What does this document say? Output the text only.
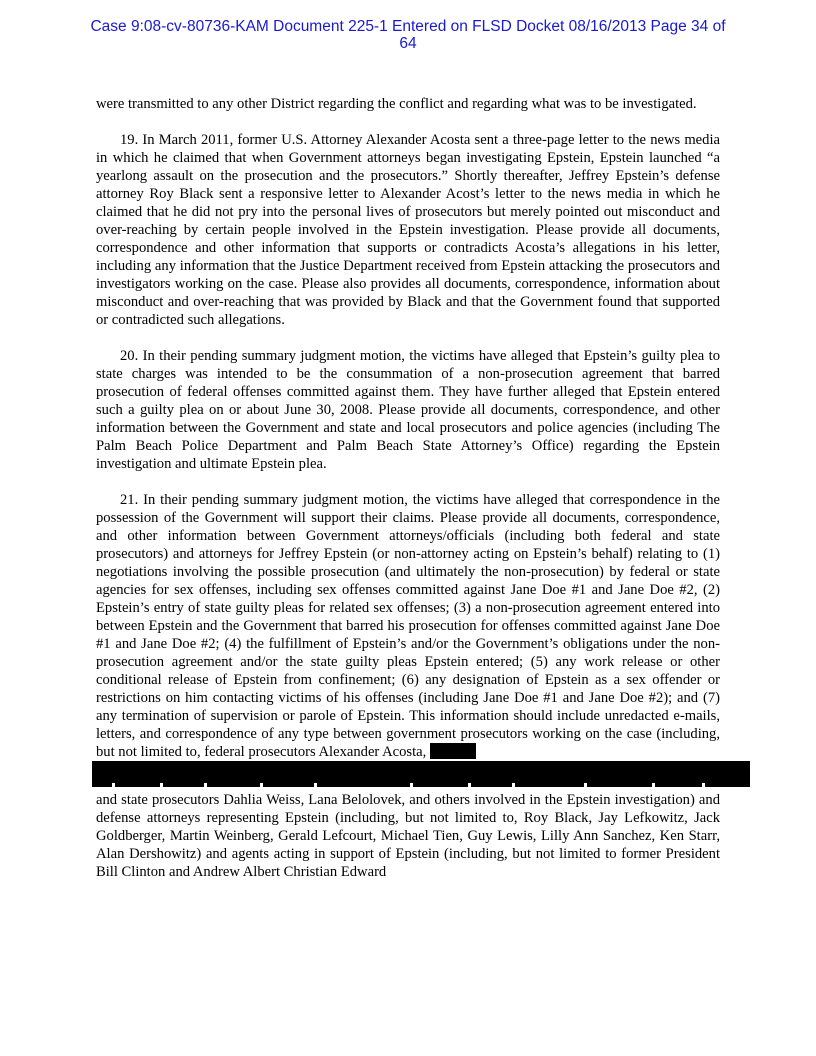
Case 9:08-cv-80736-KAM Document 225-1 Entered on FLSD Docket 08/16/2013 Page 34 of
64

were transmitted to any other District regarding the conflict and regarding what was to be investigated.

19. In March 2011, former U.S. Attorney Alexander Acosta sent a three-page letter to the news media in which he claimed that when Government attorneys began investigating Epstein, Epstein launched “a yearlong assault on the prosecution and the prosecutors.” Shortly thereafter, Jeffrey Epstein’s defense attorney Roy Black sent a responsive letter to Alexander Acost’s letter to the news media in which he claimed that he did not pry into the personal lives of prosecutors but merely pointed out misconduct and over-reaching by certain people involved in the Epstein investigation. Please provide all documents, correspondence and other information that supports or contradicts Acosta’s allegations in his letter, including any information that the Justice Department received from Epstein attacking the prosecutors and investigators working on the case. Please also provides all documents, correspondence, information about misconduct and over-reaching that was provided by Black and that the Government found that supported or contradicted such allegations.

20. In their pending summary judgment motion, the victims have alleged that Epstein’s guilty plea to state charges was intended to be the consummation of a non-prosecution agreement that barred prosecution of federal offenses committed against them. They have further alleged that Epstein entered such a guilty plea on or about June 30, 2008. Please provide all documents, correspondence, and other information between the Government and state and local prosecutors and police agencies (including The Palm Beach Police Department and Palm Beach State Attorney’s Office) regarding the Epstein investigation and ultimate Epstein plea.

21. In their pending summary judgment motion, the victims have alleged that correspondence in the possession of the Government will support their claims. Please provide all documents, correspondence, and other information between Government attorneys/officials (including both federal and state prosecutors) and attorneys for Jeffrey Epstein (or non-attorney acting on Epstein’s behalf) relating to (1) negotiations involving the possible prosecution (and ultimately the non-prosecution) by federal or state agencies for sex offenses, including sex offenses committed against Jane Doe #1 and Jane Doe #2, (2) Epstein’s entry of state guilty pleas for related sex offenses; (3) a non-prosecution agreement entered into between Epstein and the Government that barred his prosecution for offenses committed against Jane Doe #1 and Jane Doe #2; (4) the fulfillment of Epstein’s and/or the Government’s obligations under the non-prosecution agreement and/or the state guilty pleas Epstein entered; (5) any work release or other conditional release of Epstein from confinement; (6) any designation of Epstein as a sex offender or restrictions on him contacting victims of his offenses (including Jane Doe #1 and Jane Doe #2); and (7) any termination of supervision or parole of Epstein. This information should include unredacted e-mails, letters, and correspondence of any type between government prosecutors working on the case (including, but not limited to, federal prosecutors Alexander Acosta,

and state prosecutors Dahlia Weiss, Lana Belolovek, and others involved in the Epstein investigation) and defense attorneys representing Epstein (including, but not limited to, Roy Black, Jay Lefkowitz, Jack Goldberger, Martin Weinberg, Gerald Lefcourt, Michael Tien, Guy Lewis, Lilly Ann Sanchez, Ken Starr, Alan Dershowitz) and agents acting in support of Epstein (including, but not limited to former President Bill Clinton and Andrew Albert Christian Edward
